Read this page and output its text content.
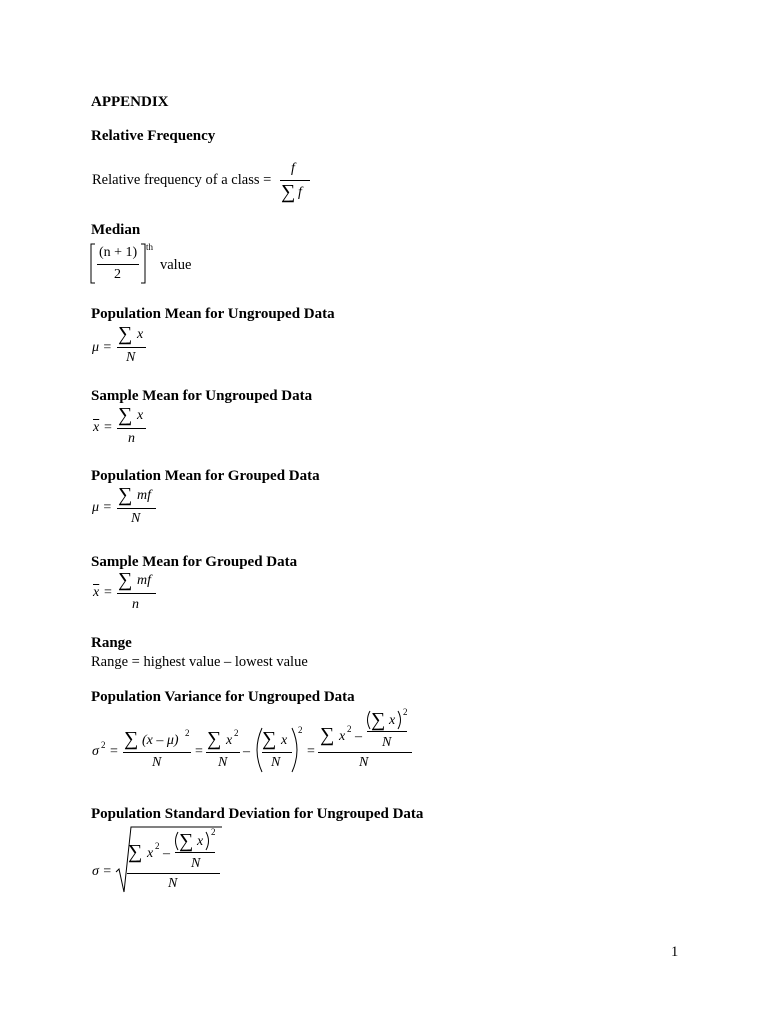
APPENDIX
Relative Frequency
Relative frequency of a class =
f
∑ f
Median
(n + 1)
2
th
value
Population Mean for Ungrouped Data
μ =
∑ x
N
Sample Mean for Ungrouped Data
$\overline{x}$ =
∑ x
n
Population Mean for Grouped Data
μ =
∑ mf
N
Sample Mean for Grouped Data
$\overline{x}$ =
∑ mf
n
Range
Range = highest value – lowest value
Population Variance for Ungrouped Data
σ 2 =
∑ (x – μ) 2
N
=
∑ x 2
N
–
∑ x
N
2
=
∑ x 2 –
∑ x
2
N
N
Population Standard Deviation for Ungrouped Data
σ =
∑ x 2 –
∑ x
2
N
N
1
